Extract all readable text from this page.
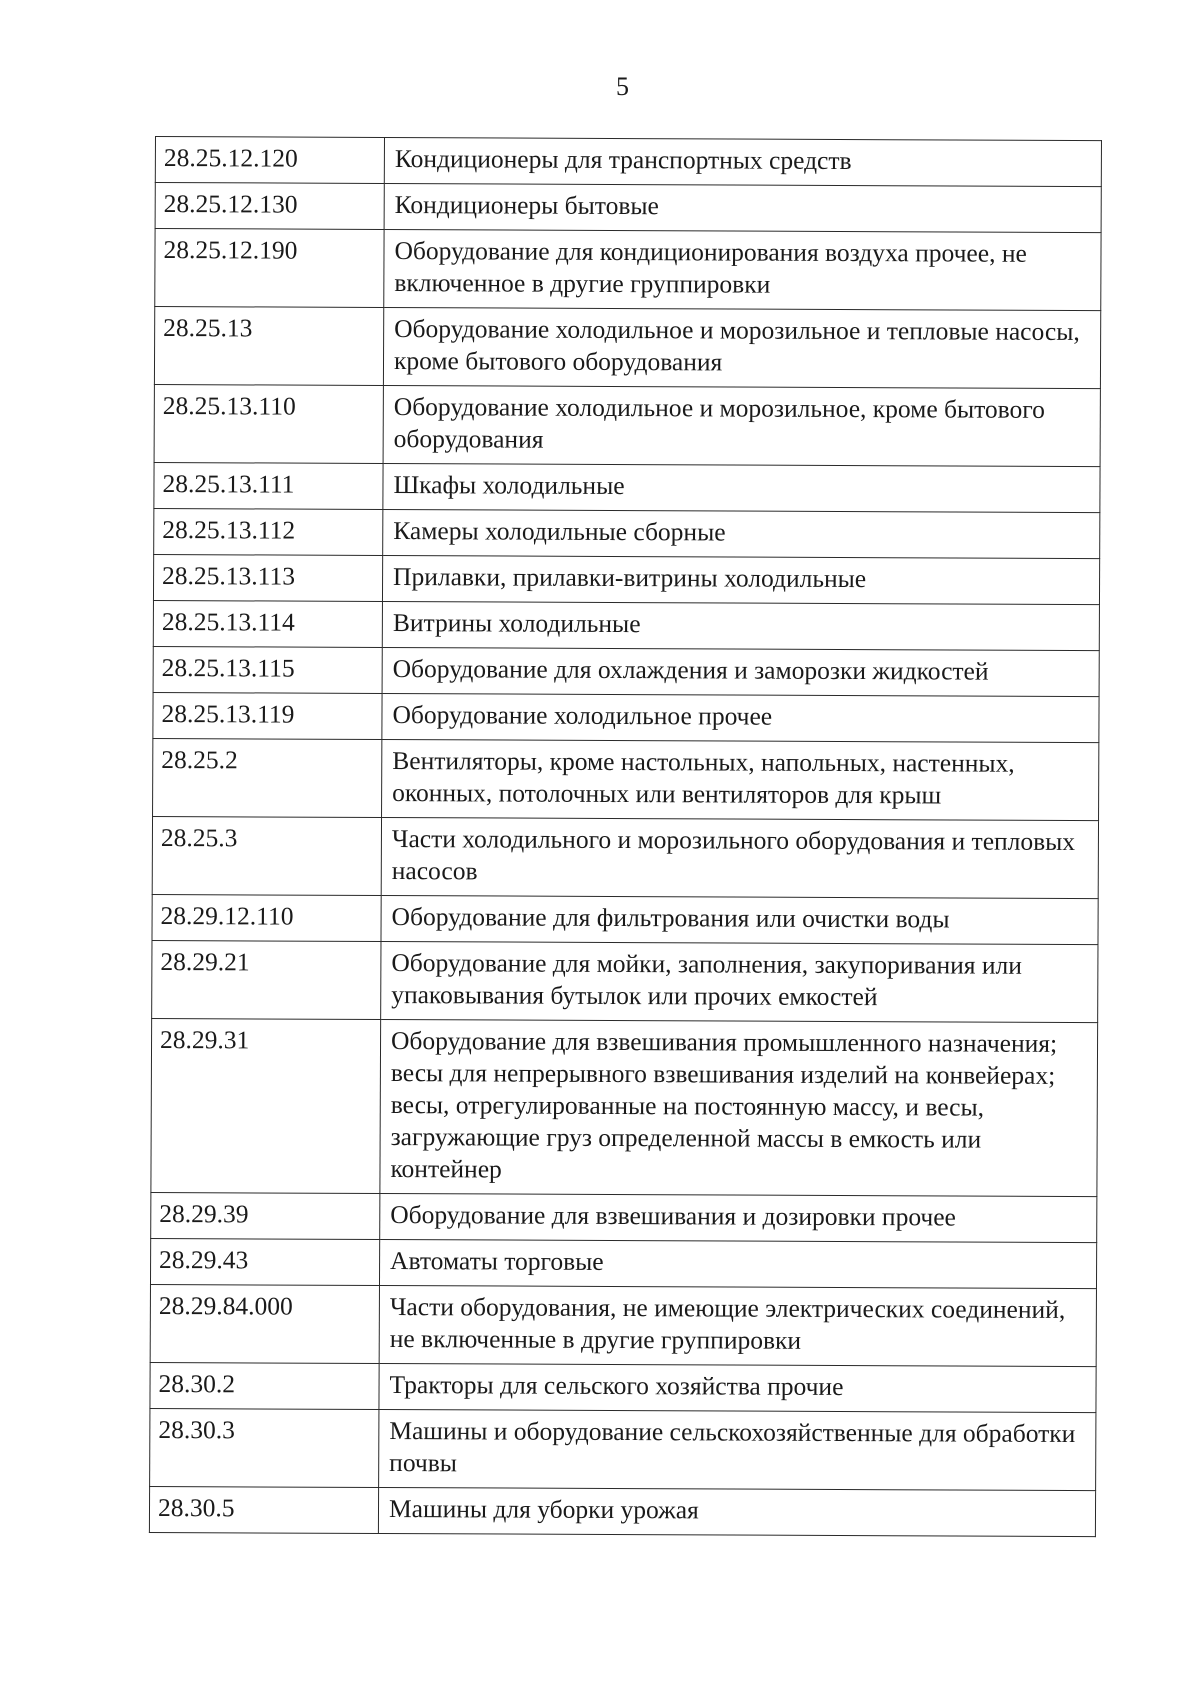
5
28.25.12.120	Кондиционеры для транспортных средств
28.25.12.130	Кондиционеры бытовые
28.25.12.190	Оборудование для кондиционирования воздуха прочее, не включенное в другие группировки
28.25.13	Оборудование холодильное и морозильное и тепловые насосы, кроме бытового оборудования
28.25.13.110	Оборудование холодильное и морозильное, кроме бытового оборудования
28.25.13.111	Шкафы холодильные
28.25.13.112	Камеры холодильные сборные
28.25.13.113	Прилавки, прилавки-витрины холодильные
28.25.13.114	Витрины холодильные
28.25.13.115	Оборудование для охлаждения и заморозки жидкостей
28.25.13.119	Оборудование холодильное прочее
28.25.2	Вентиляторы, кроме настольных, напольных, настенных, оконных, потолочных или вентиляторов для крыш
28.25.3	Части холодильного и морозильного оборудования и тепловых насосов
28.29.12.110	Оборудование для фильтрования или очистки воды
28.29.21	Оборудование для мойки, заполнения, закупоривания или упаковывания бутылок или прочих емкостей
28.29.31	Оборудование для взвешивания промышленного назначения; весы для непрерывного взвешивания изделий на конвейерах; весы, отрегулированные на постоянную массу, и весы, загружающие груз определенной массы в емкость или контейнер
28.29.39	Оборудование для взвешивания и дозировки прочее
28.29.43	Автоматы торговые
28.29.84.000	Части оборудования, не имеющие электрических соединений, не включенные в другие группировки
28.30.2	Тракторы для сельского хозяйства прочие
28.30.3	Машины и оборудование сельскохозяйственные для обработки почвы
28.30.5	Машины для уборки урожая
